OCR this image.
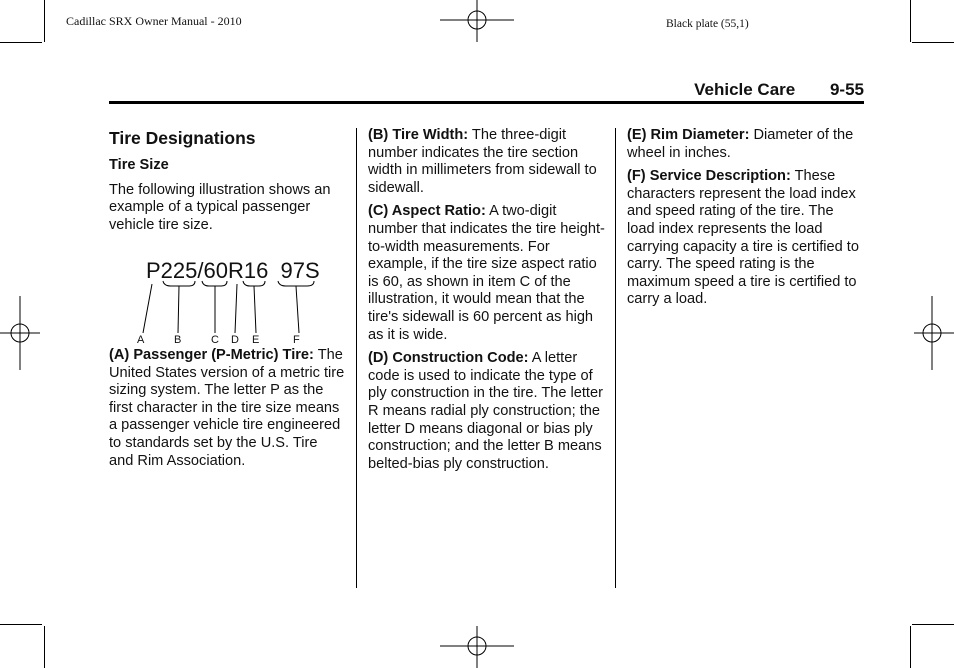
Cadillac SRX Owner Manual - 2010	Black plate (55,1)
Vehicle Care 9-55
Tire Designations
Tire Size

The following illustration shows an example of a typical passenger vehicle tire size.

P225/60R16  97S
A	B	C D E	F

(A) Passenger (P-Metric) Tire: The United States version of a metric tire sizing system. The letter P as the first character in the tire size means a passenger vehicle tire engineered to standards set by the U.S. Tire and Rim Association.

(B) Tire Width: The three-digit number indicates the tire section width in millimeters from sidewall to sidewall.

(C) Aspect Ratio: A two-digit number that indicates the tire height-to-width measurements. For example, if the tire size aspect ratio is 60, as shown in item C of the illustration, it would mean that the tire's sidewall is 60 percent as high as it is wide.

(D) Construction Code: A letter code is used to indicate the type of ply construction in the tire. The letter R means radial ply construction; the letter D means diagonal or bias ply construction; and the letter B means belted-bias ply construction.

(E) Rim Diameter: Diameter of the wheel in inches.

(F) Service Description: These characters represent the load index and speed rating of the tire. The load index represents the load carrying capacity a tire is certified to carry. The speed rating is the maximum speed a tire is certified to carry a load.
